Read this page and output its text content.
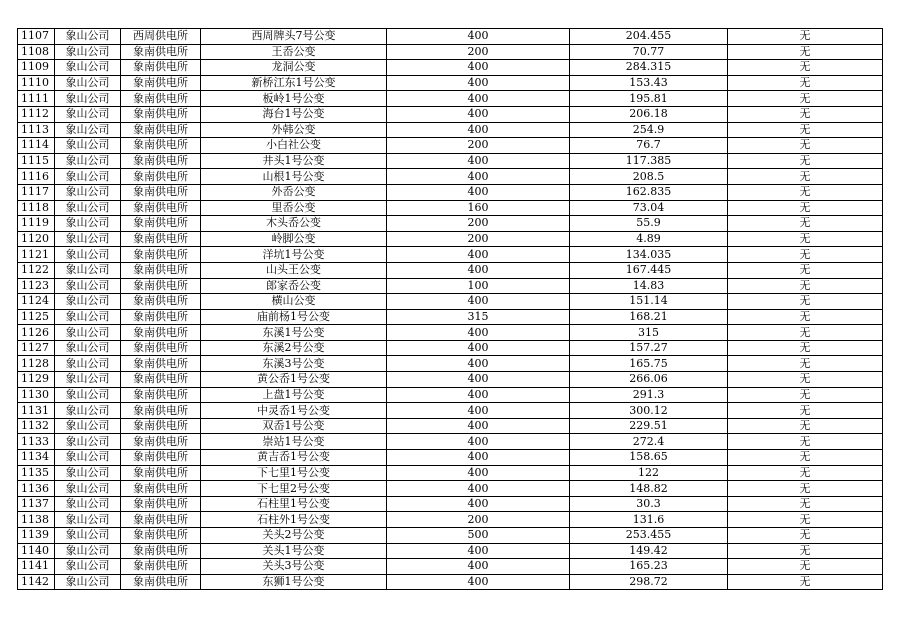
1107	象山公司	西周供电所	西周牌头7号公变	400	204.455	无
1108	象山公司	象南供电所	王岙公变	200	70.77	无
1109	象山公司	象南供电所	龙洞公变	400	284.315	无
1110	象山公司	象南供电所	新桥江东1号公变	400	153.43	无
1111	象山公司	象南供电所	板岭1号公变	400	195.81	无
1112	象山公司	象南供电所	海台1号公变	400	206.18	无
1113	象山公司	象南供电所	外韩公变	400	254.9	无
1114	象山公司	象南供电所	小白社公变	200	76.7	无
1115	象山公司	象南供电所	井头1号公变	400	117.385	无
1116	象山公司	象南供电所	山根1号公变	400	208.5	无
1117	象山公司	象南供电所	外岙公变	400	162.835	无
1118	象山公司	象南供电所	里岙公变	160	73.04	无
1119	象山公司	象南供电所	木头岙公变	200	55.9	无
1120	象山公司	象南供电所	岭脚公变	200	4.89	无
1121	象山公司	象南供电所	洋坑1号公变	400	134.035	无
1122	象山公司	象南供电所	山头王公变	400	167.445	无
1123	象山公司	象南供电所	郎家岙公变	100	14.83	无
1124	象山公司	象南供电所	横山公变	400	151.14	无
1125	象山公司	象南供电所	庙前杨1号公变	315	168.21	无
1126	象山公司	象南供电所	东溪1号公变	400	315	无
1127	象山公司	象南供电所	东溪2号公变	400	157.27	无
1128	象山公司	象南供电所	东溪3号公变	400	165.75	无
1129	象山公司	象南供电所	黄公岙1号公变	400	266.06	无
1130	象山公司	象南供电所	上盘1号公变	400	291.3	无
1131	象山公司	象南供电所	中灵岙1号公变	400	300.12	无
1132	象山公司	象南供电所	双岙1号公变	400	229.51	无
1133	象山公司	象南供电所	崇站1号公变	400	272.4	无
1134	象山公司	象南供电所	黄吉岙1号公变	400	158.65	无
1135	象山公司	象南供电所	下七里1号公变	400	122	无
1136	象山公司	象南供电所	下七里2号公变	400	148.82	无
1137	象山公司	象南供电所	石柱里1号公变	400	30.3	无
1138	象山公司	象南供电所	石柱外1号公变	200	131.6	无
1139	象山公司	象南供电所	关头2号公变	500	253.455	无
1140	象山公司	象南供电所	关头1号公变	400	149.42	无
1141	象山公司	象南供电所	关头3号公变	400	165.23	无
1142	象山公司	象南供电所	东狮1号公变	400	298.72	无
